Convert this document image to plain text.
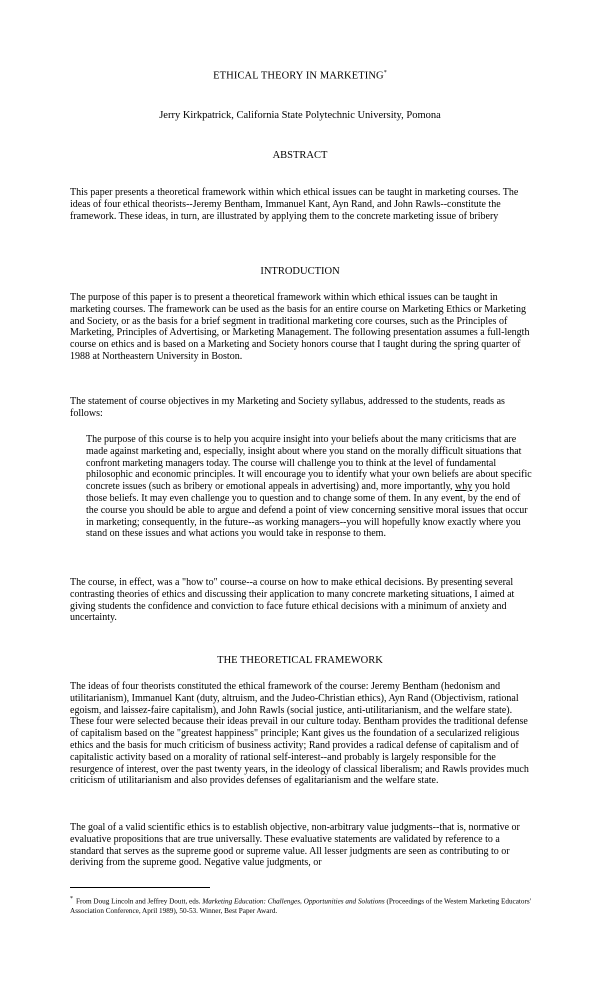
ETHICAL THEORY IN MARKETING*
Jerry Kirkpatrick, California State Polytechnic University, Pomona
ABSTRACT
This paper presents a theoretical framework within which ethical issues can be taught in marketing courses. The ideas of four ethical theorists--Jeremy Bentham, Immanuel Kant, Ayn Rand, and John Rawls--constitute the framework. These ideas, in turn, are illustrated by applying them to the concrete marketing issue of bribery
INTRODUCTION
The purpose of this paper is to present a theoretical framework within which ethical issues can be taught in marketing courses. The framework can be used as the basis for an entire course on Marketing Ethics or Marketing and Society, or as the basis for a brief segment in traditional marketing core courses, such as the Principles of Marketing, Principles of Advertising, or Marketing Management. The following presentation assumes a full-length course on ethics and is based on a Marketing and Society honors course that I taught during the spring quarter of 1988 at Northeastern University in Boston.
The statement of course objectives in my Marketing and Society syllabus, addressed to the students, reads as follows:
The purpose of this course is to help you acquire insight into your beliefs about the many criticisms that are made against marketing and, especially, insight about where you stand on the morally difficult situations that confront marketing managers today. The course will challenge you to think at the level of fundamental philosophic and economic principles. It will encourage you to identify what your own beliefs are about specific concrete issues (such as bribery or emotional appeals in advertising) and, more importantly, why you hold those beliefs. It may even challenge you to question and to change some of them. In any event, by the end of the course you should be able to argue and defend a point of view concerning sensitive moral issues that occur in marketing; consequently, in the future--as working managers--you will hopefully know exactly where you stand on these issues and what actions you would take in response to them.
The course, in effect, was a "how to" course--a course on how to make ethical decisions. By presenting several contrasting theories of ethics and discussing their application to many concrete marketing situations, I aimed at giving students the confidence and conviction to face future ethical decisions with a minimum of anxiety and uncertainty.
THE THEORETICAL FRAMEWORK
The ideas of four theorists constituted the ethical framework of the course: Jeremy Bentham (hedonism and utilitarianism), Immanuel Kant (duty, altruism, and the Judeo-Christian ethics), Ayn Rand (Objectivism, rational egoism, and laissez-faire capitalism), and John Rawls (social justice, anti-utilitarianism, and the welfare state). These four were selected because their ideas prevail in our culture today. Bentham provides the traditional defense of capitalism based on the "greatest happiness" principle; Kant gives us the foundation of a secularized religious ethics and the basis for much criticism of business activity; Rand provides a radical defense of capitalism and of capitalistic activity based on a morality of rational self-interest--and probably is largely responsible for the resurgence of interest, over the past twenty years, in the ideology of classical liberalism; and Rawls provides much criticism of utilitarianism and also provides defenses of egalitarianism and the welfare state.
The goal of a valid scientific ethics is to establish objective, non-arbitrary value judgments--that is, normative or evaluative propositions that are true universally. These evaluative statements are validated by reference to a standard that serves as the supreme good or supreme value. All lesser judgments are seen as contributing to or deriving from the supreme good. Negative value judgments, or
* From Doug Lincoln and Jeffrey Doutt, eds. Marketing Education: Challenges, Opportunities and Solutions (Proceedings of the Western Marketing Educators' Association Conference, April 1989), 50-53. Winner, Best Paper Award.
